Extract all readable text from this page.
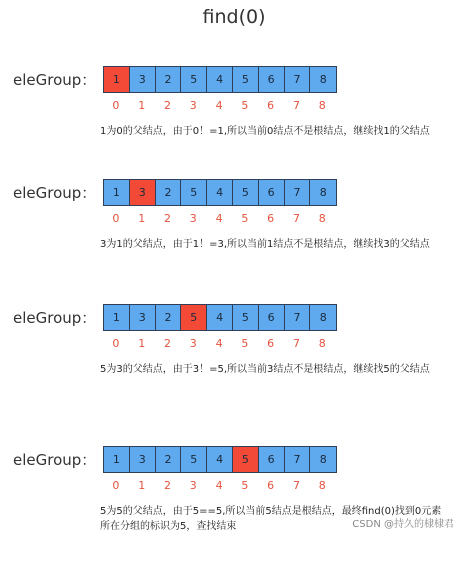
find(0)
eleGroup：	1	3	2	5	4	5	6	7	8
0	1	2	3	4	5	6	7	8
1为0的父结点，由于0！=1,所以当前0结点不是根结点，继续找1的父结点
eleGroup：	1	3	2	5	4	5	6	7	8
0	1	2	3	4	5	6	7	8
3为1的父结点，由于1！=3,所以当前1结点不是根结点，继续找3的父结点
eleGroup：	1	3	2	5	4	5	6	7	8
0	1	2	3	4	5	6	7	8
5为3的父结点，由于3！=5,所以当前3结点不是根结点，继续找5的父结点
eleGroup：	1	3	2	5	4	5	6	7	8
0	1	2	3	4	5	6	7	8
5为5的父结点，由于5==5,所以当前5结点是根结点，最终find(0)找到0元素
所在分组的标识为5，查找结束	CSDN @持久的棣棣君
